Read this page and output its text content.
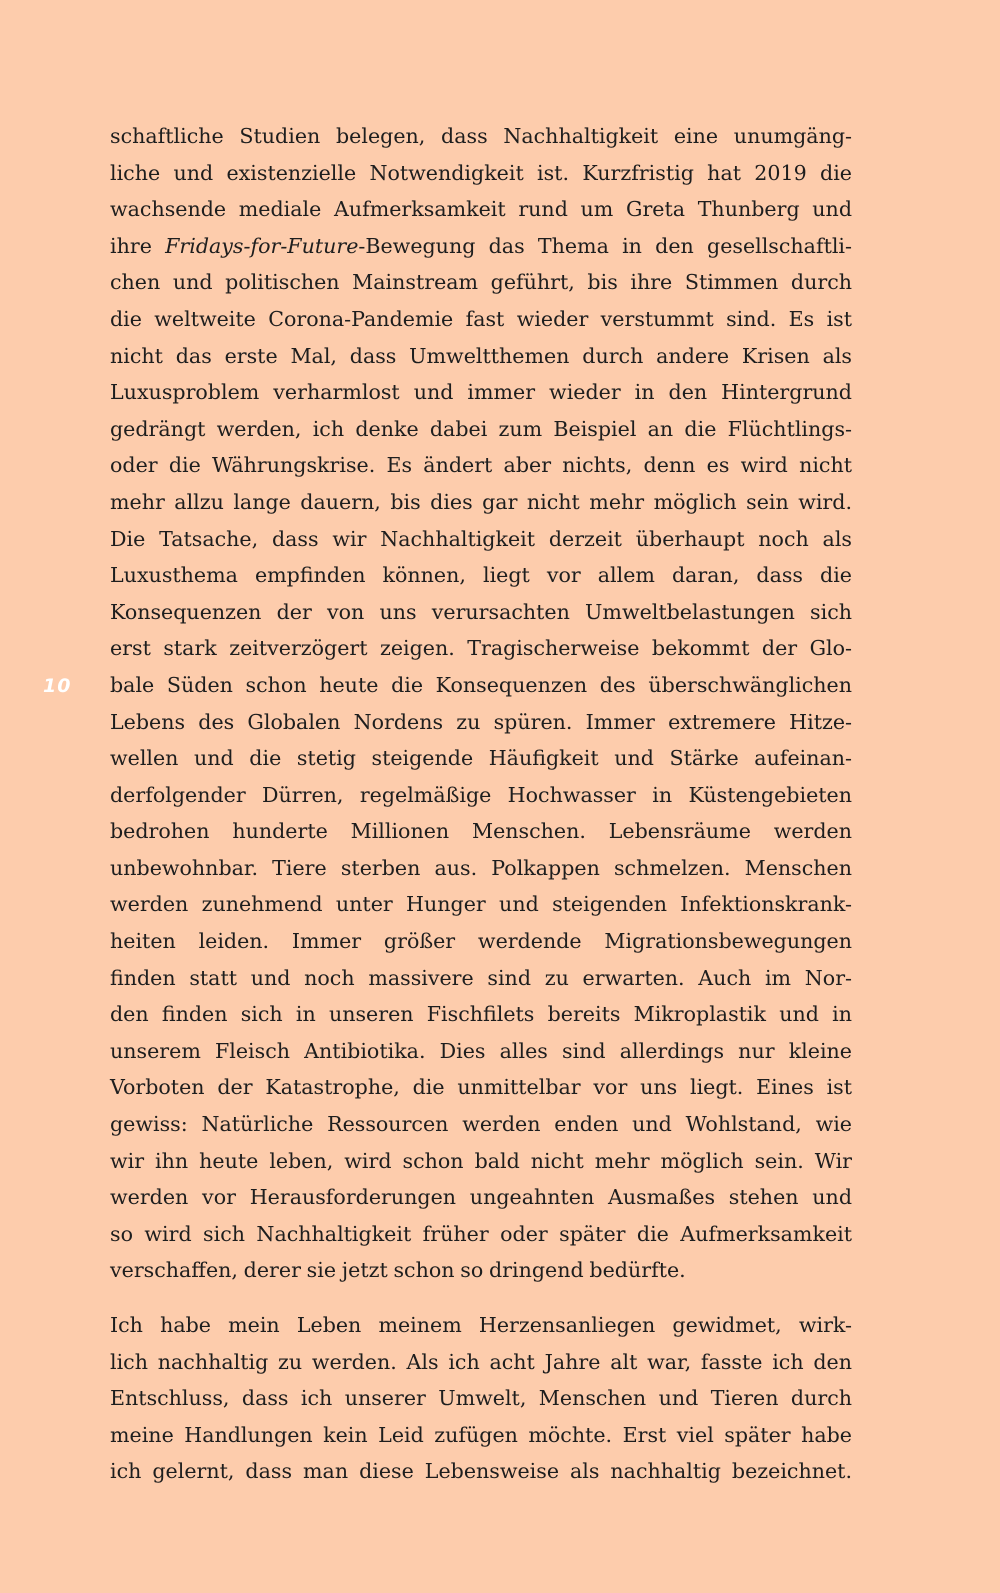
10
schaftliche Studien belegen, dass Nachhaltigkeit eine unumgäng-
liche und existenzielle Notwendigkeit ist. Kurzfristig hat 2019 die
wachsende mediale Aufmerksamkeit rund um Greta Thunberg und
ihre Fridays-for-Future-Bewegung das Thema in den gesellschaftli-
chen und politischen Mainstream geführt, bis ihre Stimmen durch
die weltweite Corona-Pandemie fast wieder verstummt sind. Es ist
nicht das erste Mal, dass Umweltthemen durch andere Krisen als
Luxusproblem verharmlost und immer wieder in den Hintergrund
gedrängt werden, ich denke dabei zum Beispiel an die Flüchtlings-
oder die Währungskrise. Es ändert aber nichts, denn es wird nicht
mehr allzu lange dauern, bis dies gar nicht mehr möglich sein wird.
Die Tatsache, dass wir Nachhaltigkeit derzeit überhaupt noch als
Luxusthema empfinden können, liegt vor allem daran, dass die
Konsequenzen der von uns verursachten Umweltbelastungen sich
erst stark zeitverzögert zeigen. Tragischerweise bekommt der Glo-
bale Süden schon heute die Konsequenzen des überschwänglichen
Lebens des Globalen Nordens zu spüren. Immer extremere Hitze-
wellen und die stetig steigende Häufigkeit und Stärke aufeinan-
derfolgender Dürren, regelmäßige Hochwasser in Küstengebieten
bedrohen hunderte Millionen Menschen. Lebensräume werden
unbewohnbar. Tiere sterben aus. Polkappen schmelzen. Menschen
werden zunehmend unter Hunger und steigenden Infektionskrank-
heiten leiden. Immer größer werdende Migrationsbewegungen
finden statt und noch massivere sind zu erwarten. Auch im Nor-
den finden sich in unseren Fischfilets bereits Mikroplastik und in
unserem Fleisch Antibiotika. Dies alles sind allerdings nur kleine
Vorboten der Katastrophe, die unmittelbar vor uns liegt. Eines ist
gewiss: Natürliche Ressourcen werden enden und Wohlstand, wie
wir ihn heute leben, wird schon bald nicht mehr möglich sein. Wir
werden vor Herausforderungen ungeahnten Ausmaßes stehen und
so wird sich Nachhaltigkeit früher oder später die Aufmerksamkeit
verschaffen, derer sie jetzt schon so dringend bedürfte.
Ich habe mein Leben meinem Herzensanliegen gewidmet, wirk-
lich nachhaltig zu werden. Als ich acht Jahre alt war, fasste ich den
Entschluss, dass ich unserer Umwelt, Menschen und Tieren durch
meine Handlungen kein Leid zufügen möchte. Erst viel später habe
ich gelernt, dass man diese Lebensweise als nachhaltig bezeichnet.
